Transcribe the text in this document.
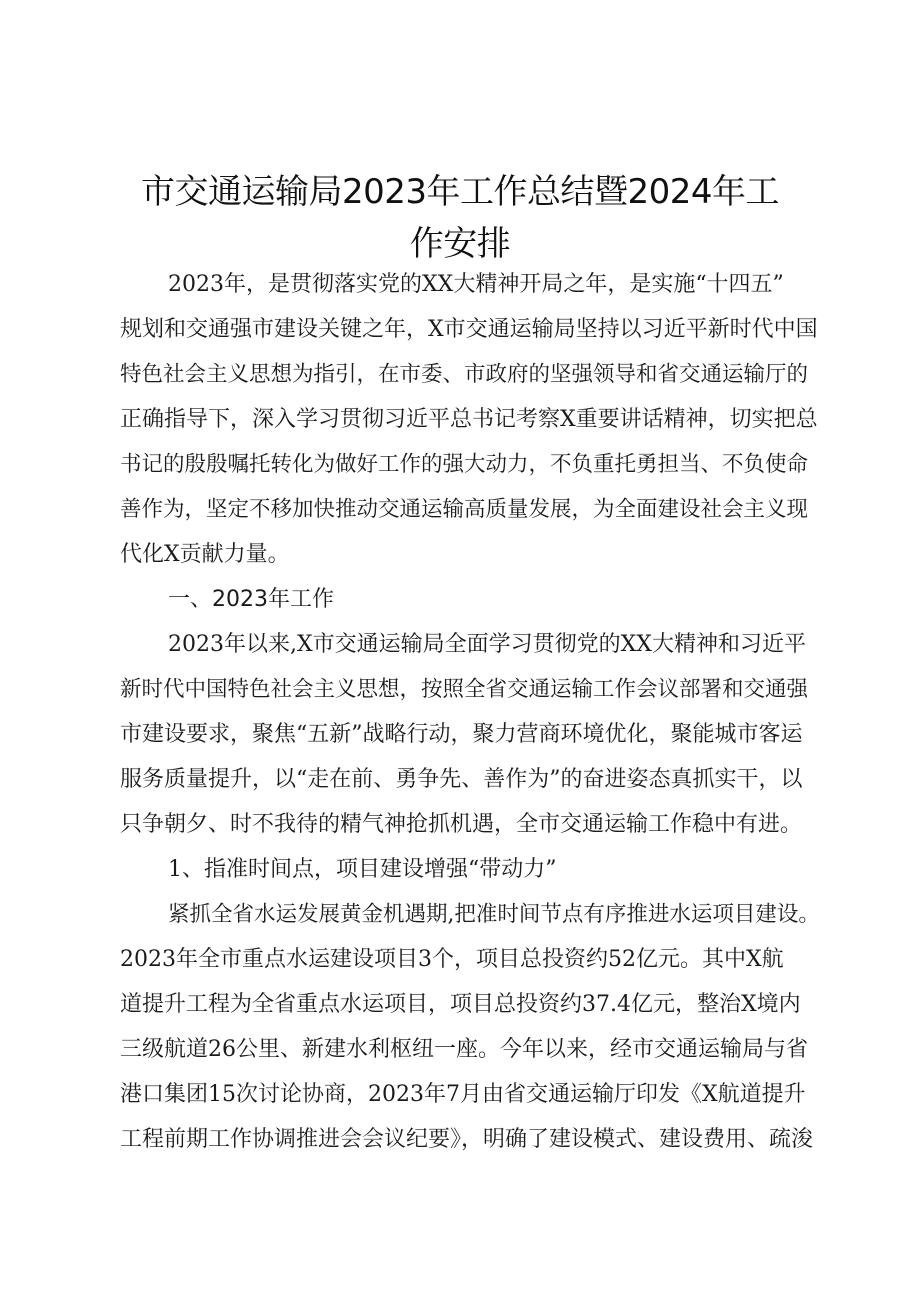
市交通运输局2023年工作总结暨2024年工
作安排
2023年，是贯彻落实党的XX大精神开局之年，是实施“十四五”
规划和交通强市建设关键之年，X市交通运输局坚持以习近平新时代中国
特色社会主义思想为指引，在市委、市政府的坚强领导和省交通运输厅的
正确指导下，深入学习贯彻习近平总书记考察X重要讲话精神，切实把总
书记的殷殷嘱托转化为做好工作的强大动力，不负重托勇担当、不负使命
善作为，坚定不移加快推动交通运输高质量发展，为全面建设社会主义现
代化X贡献力量。
一、2023年工作
2023年以来,X市交通运输局全面学习贯彻党的XX大精神和习近平
新时代中国特色社会主义思想，按照全省交通运输工作会议部署和交通强
市建设要求，聚焦“五新”战略行动，聚力营商环境优化，聚能城市客运
服务质量提升，以“走在前、勇争先、善作为”的奋进姿态真抓实干，以
只争朝夕、时不我待的精气神抢抓机遇，全市交通运输工作稳中有进。
1、指准时间点，项目建设增强“带动力”
紧抓全省水运发展黄金机遇期,把准时间节点有序推进水运项目建设。
2023年全市重点水运建设项目3个，项目总投资约52亿元。其中X航
道提升工程为全省重点水运项目，项目总投资约37.4亿元，整治X境内
三级航道26公里、新建水利枢纽一座。今年以来，经市交通运输局与省
港口集团15次讨论协商，2023年7月由省交通运输厅印发《X航道提升
工程前期工作协调推进会会议纪要》，明确了建设模式、建设费用、疏浚
